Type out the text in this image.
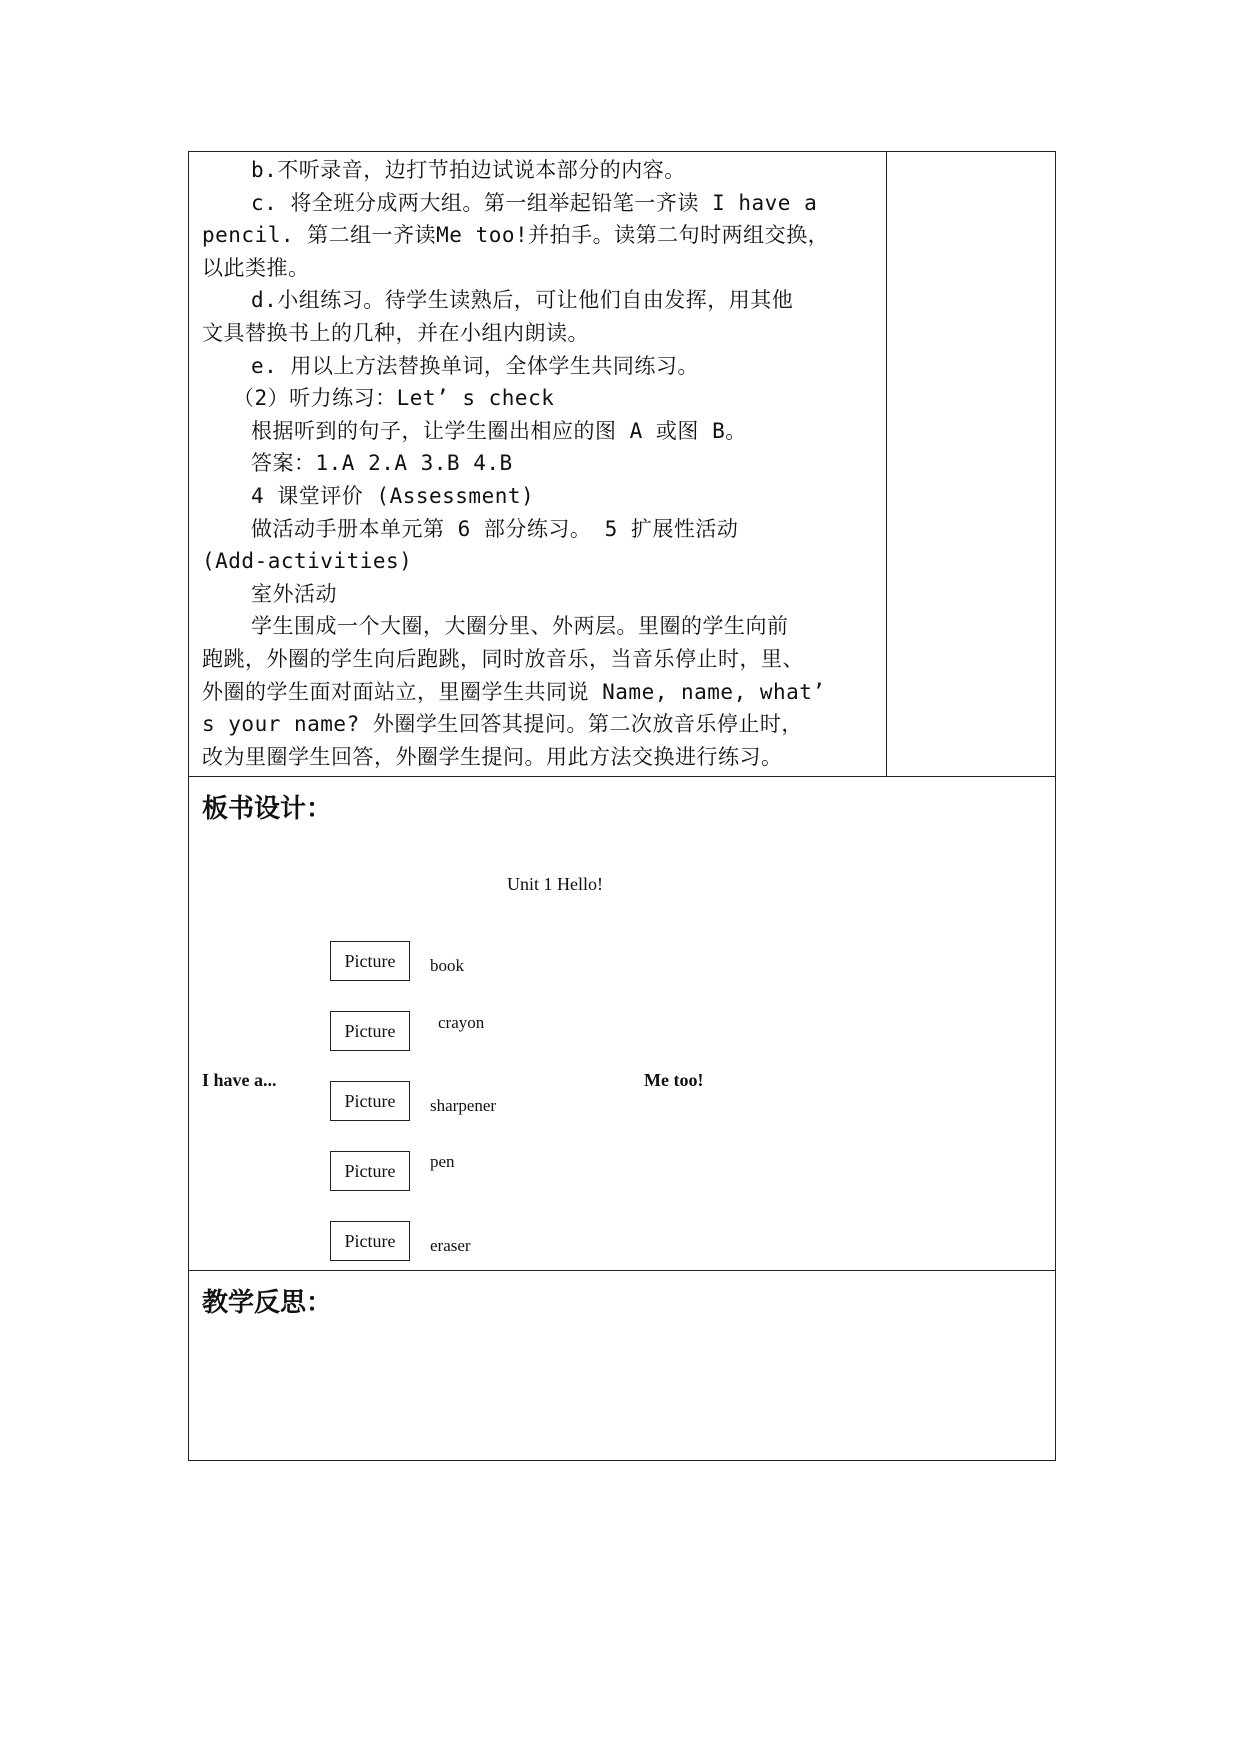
b.不听录音，边打节拍边试说本部分的内容。

c. 将全班分成两大组。第一组举起铅笔一齐读 I have a

pencil. 第二组一齐读Me too!并拍手。读第二句时两组交换，

以此类推。

d.小组练习。待学生读熟后，可让他们自由发挥，用其他

文具替换书上的几种，并在小组内朗读。

e. 用以上方法替换单词，全体学生共同练习。

（2）听力练习：Let’ s check

根据听到的句子，让学生圈出相应的图 A 或图 B。

答案：1.A 2.A 3.B 4.B

4 课堂评价 (Assessment)

做活动手册本单元第 6 部分练习。 5 扩展性活动

(Add-activities)

室外活动

学生围成一个大圈，大圈分里、外两层。里圈的学生向前

跑跳，外圈的学生向后跑跳，同时放音乐，当音乐停止时，里、

外圈的学生面对面站立，里圈学生共同说 Name, name, what’

s your name? 外圈学生回答其提问。第二次放音乐停止时，

改为里圈学生回答，外圈学生提问。用此方法交换进行练习。

板书设计：
Unit 1 Hello!
I have a...	Me too!
Picture	book
Picture	crayon
Picture	sharpener
Picture	pen
Picture	eraser
教学反思：
